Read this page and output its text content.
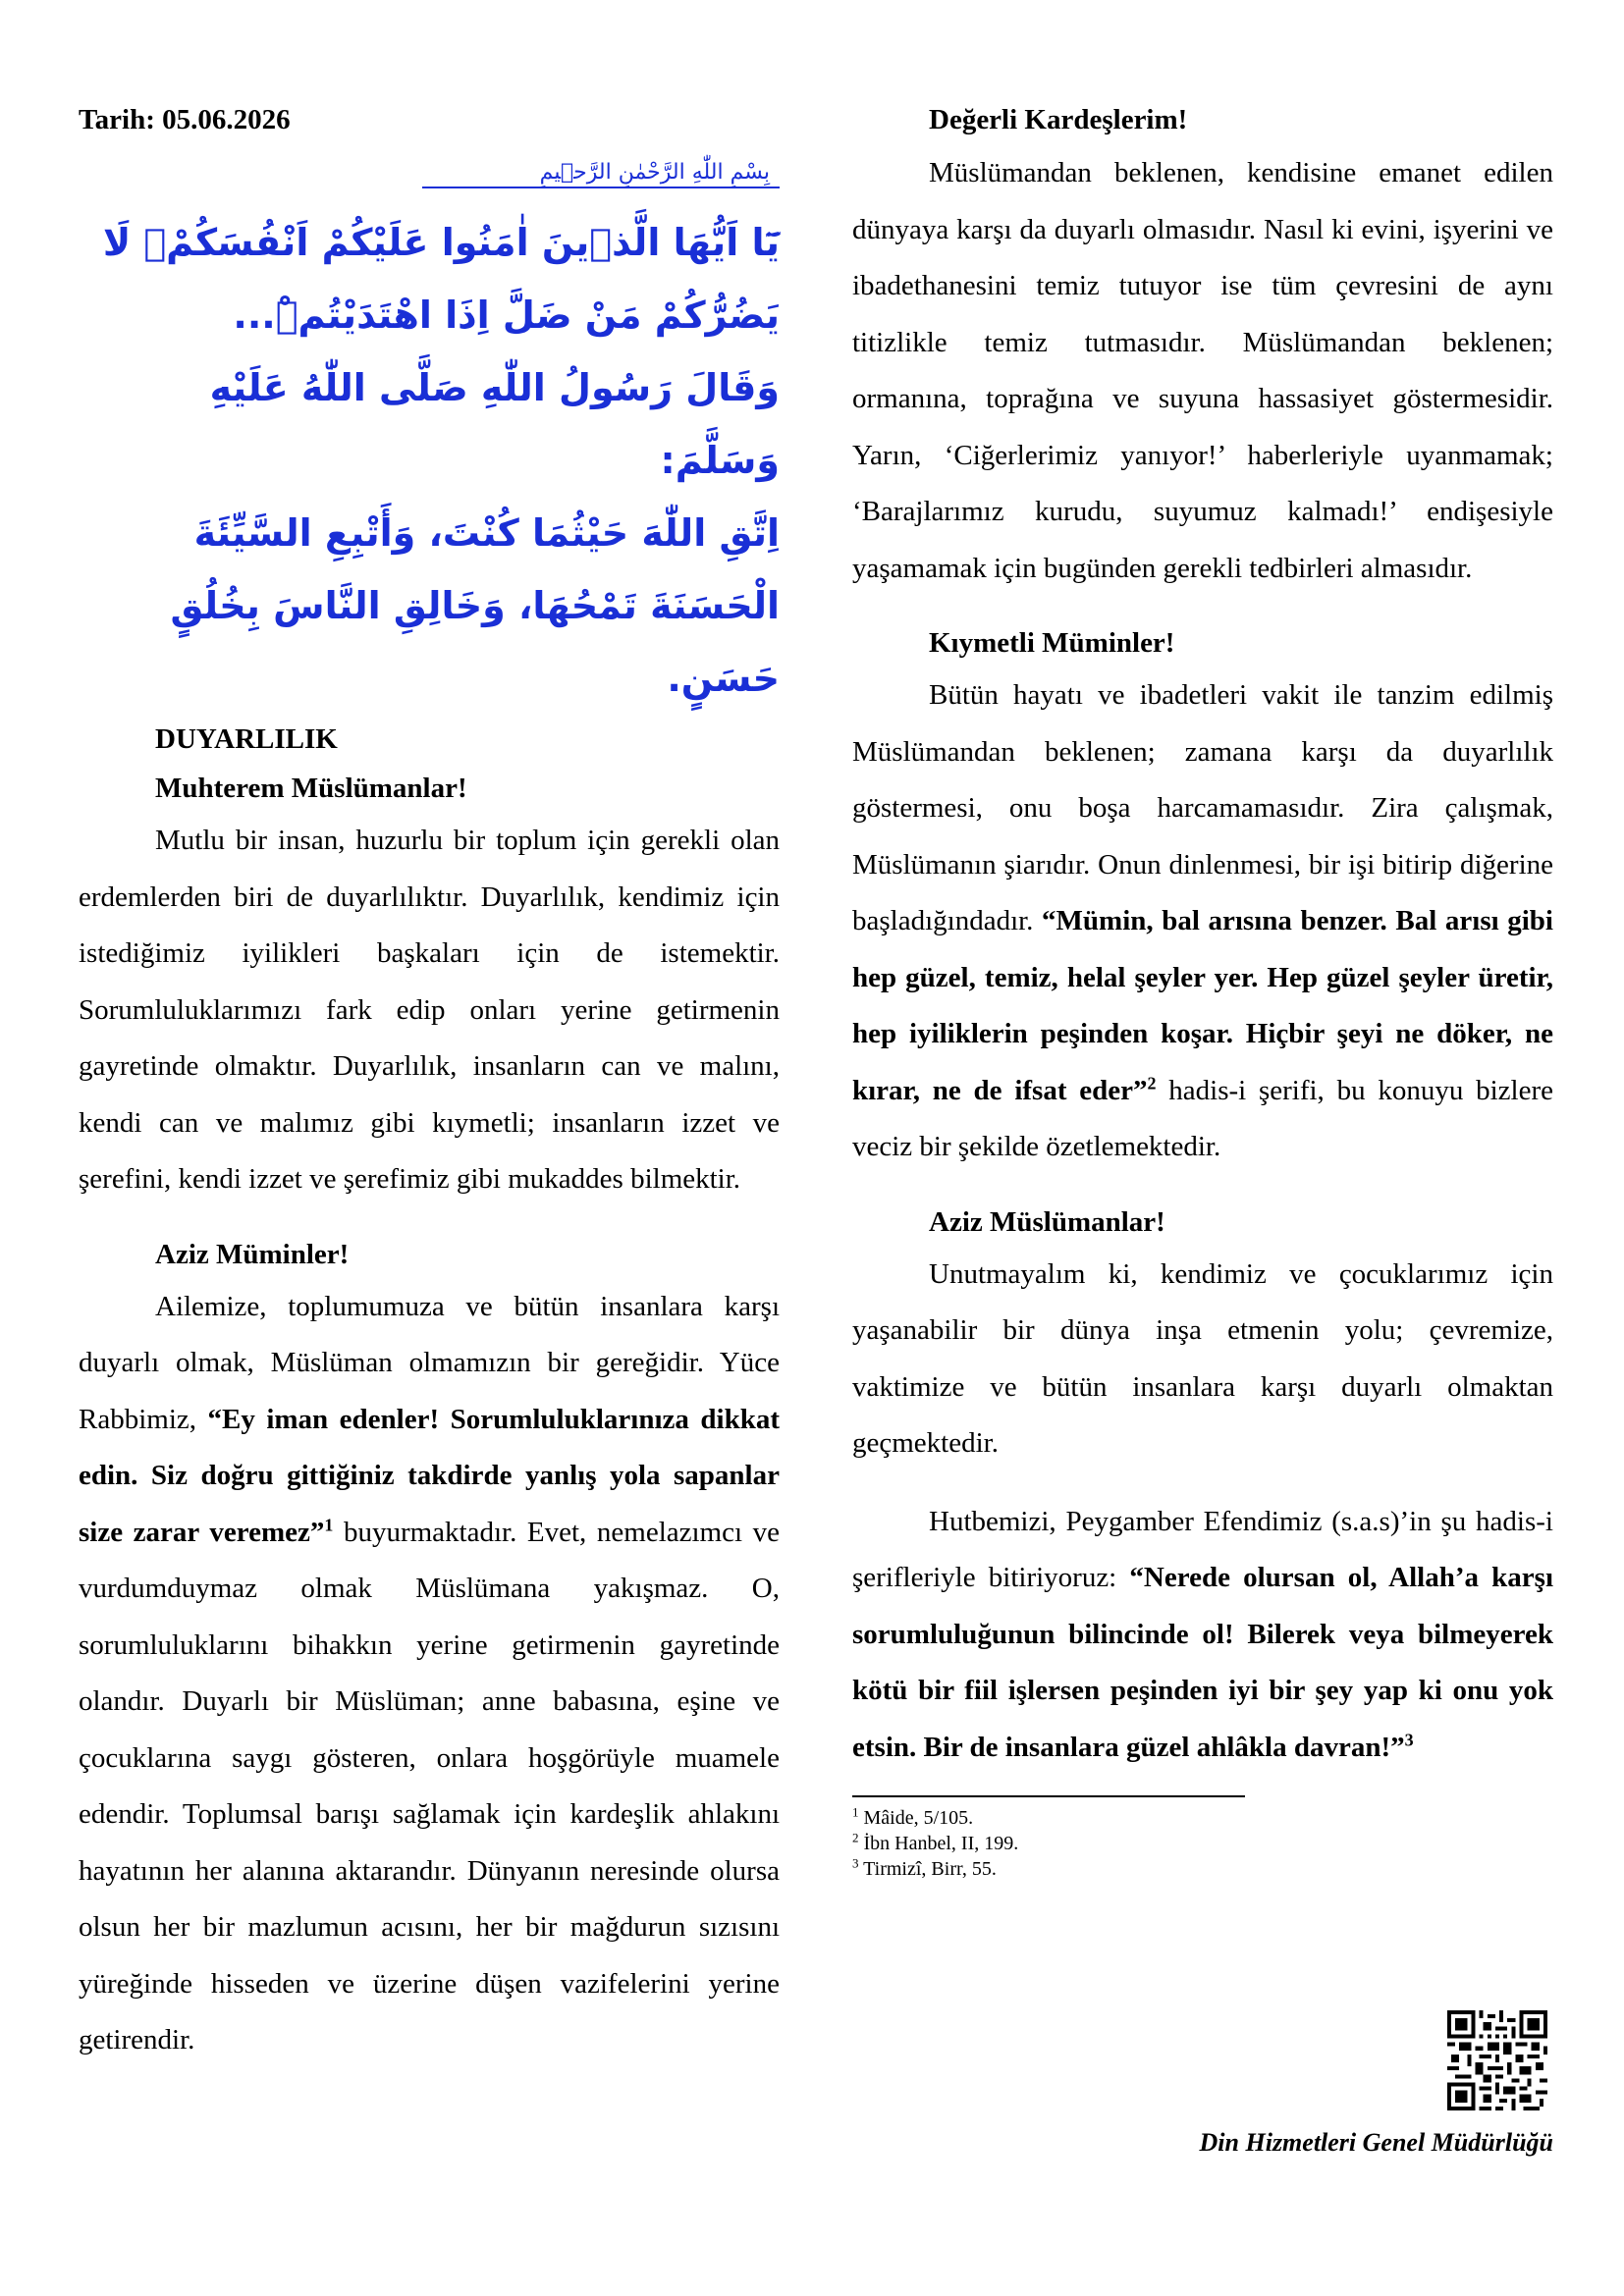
Tarih: 05.06.2026

بِسْمِ اللّٰهِ الرَّحْمٰنِ الرَّح۪يمِ

يَٓا اَيُّهَا الَّذ۪ينَ اٰمَنُوا عَلَيْكُمْ اَنْفُسَكُمْۚ لَا يَضُرُّكُمْ مَنْ ضَلَّ اِذَا اهْتَدَيْتُمْۜ...

وَقَالَ رَسُولُ اللّٰهِ صَلَّى اللّٰهُ عَلَيْهِ وَسَلَّمَ:

اِتَّقِ اللّٰهَ حَيْثُمَا كُنْتَ، وَأَتْبِعِ السَّيِّئَةَ الْحَسَنَةَ تَمْحُهَا، وَخَالِقِ النَّاسَ بِخُلُقٍ حَسَنٍ.

DUYARLILIK

Muhterem Müslümanlar!

Mutlu bir insan, huzurlu bir toplum için gerekli olan erdemlerden biri de duyarlılıktır. Duyarlılık, kendimiz için istediğimiz iyilikleri başkaları için de istemektir. Sorumluluklarımızı fark edip onları yerine getirmenin gayretinde olmaktır. Duyarlılık, insanların can ve malını, kendi can ve malımız gibi kıymetli; insanların izzet ve şerefini, kendi izzet ve şerefimiz gibi mukaddes bilmektir.

Aziz Müminler!

Ailemize, toplumumuza ve bütün insanlara karşı duyarlı olmak, Müslüman olmamızın bir gereğidir. Yüce Rabbimiz, “Ey iman edenler! Sorumluluklarınıza dikkat edin. Siz doğru gittiğiniz takdirde yanlış yola sapanlar size zarar veremez”$^1$ buyurmaktadır. Evet, nemelazımcı ve vurdumduymaz olmak Müslümana yakışmaz. O, sorumluluklarını bihakkın yerine getirmenin gayretinde olandır. Duyarlı bir Müslüman; anne babasına, eşine ve çocuklarına saygı gösteren, onlara hoşgörüyle muamele edendir. Toplumsal barışı sağlamak için kardeşlik ahlakını hayatının her alanına aktarandır. Dünyanın neresinde olursa olsun her bir mazlumun acısını, her bir mağdurun sızısını yüreğinde hisseden ve üzerine düşen vazifelerini yerine getirendir.

Değerli Kardeşlerim!

Müslümandan beklenen, kendisine emanet edilen dünyaya karşı da duyarlı olmasıdır. Nasıl ki evini, işyerini ve ibadethanesini temiz tutuyor ise tüm çevresini de aynı titizlikle temiz tutmasıdır. Müslümandan beklenen; ormanına, toprağına ve suyuna hassasiyet göstermesidir. Yarın, ‘Ciğerlerimiz yanıyor!’ haberleriyle uyanmamak; ‘Barajlarımız kurudu, suyumuz kalmadı!’ endişesiyle yaşamamak için bugünden gerekli tedbirleri almasıdır.

Kıymetli Müminler!

Bütün hayatı ve ibadetleri vakit ile tanzim edilmiş Müslümandan beklenen; zamana karşı da duyarlılık göstermesi, onu boşa harcamamasıdır. Zira çalışmak, Müslümanın şiarıdır. Onun dinlenmesi, bir işi bitirip diğerine başladığındadır. “Mümin, bal arısına benzer. Bal arısı gibi hep güzel, temiz, helal şeyler yer. Hep güzel şeyler üretir, hep iyiliklerin peşinden koşar. Hiçbir şeyi ne döker, ne kırar, ne de ifsat eder”$^2$ hadis-i şerifi, bu konuyu bizlere veciz bir şekilde özetlemektedir.

Aziz Müslümanlar!

Unutmayalım ki, kendimiz ve çocuklarımız için yaşanabilir bir dünya inşa etmenin yolu; çevremize, vaktimize ve bütün insanlara karşı duyarlı olmaktan geçmektedir.

Hutbemizi, Peygamber Efendimiz (s.a.s)’in şu hadis-i şerifleriyle bitiriyoruz: “Nerede olursan ol, Allah’a karşı sorumluluğunun bilincinde ol! Bilerek veya bilmeyerek kötü bir fiil işlersen peşinden iyi bir şey yap ki onu yok etsin. Bir de insanlara güzel ahlâkla davran!”$^3$

$^1$ Mâide, 5/105.

$^2$ İbn Hanbel, II, 199.

$^3$ Tirmizî, Birr, 55.

Din Hizmetleri Genel Müdürlüğü
